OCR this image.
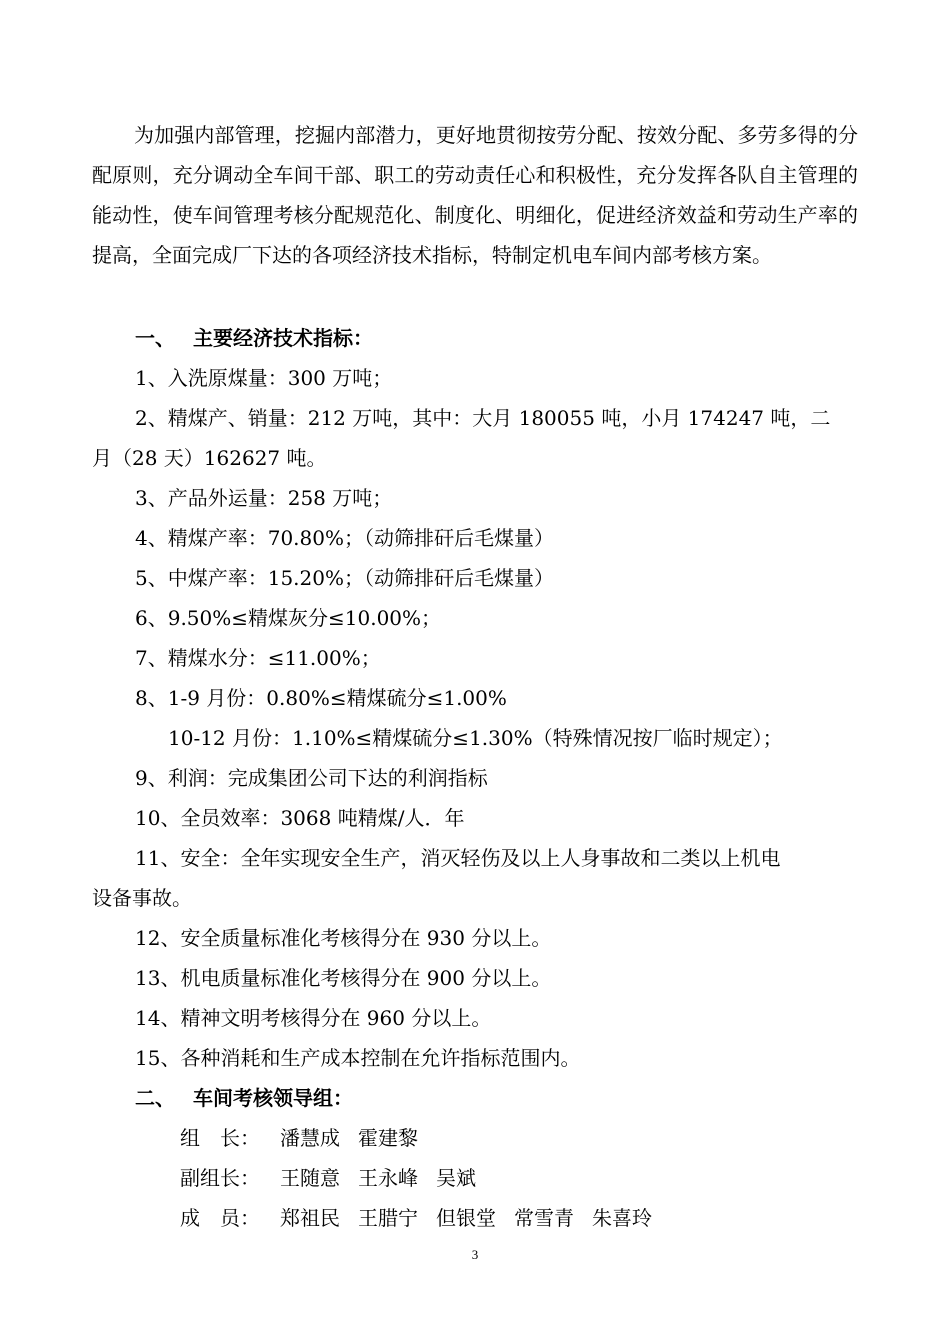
为加强内部管理，挖掘内部潜力，更好地贯彻按劳分配、按效分配、多劳多得的分配原则，充分调动全车间干部、职工的劳动责任心和积极性，充分发挥各队自主管理的能动性，使车间管理考核分配规范化、制度化、明细化，促进经济效益和劳动生产率的提高，全面完成厂下达的各项经济技术指标，特制定机电车间内部考核方案。

一、 主要经济技术指标：
1、入洗原煤量：300 万吨；
2、精煤产、销量：212 万吨，其中：大月 180055 吨，小月 174247 吨，二
月（28 天）162627 吨。
3、产品外运量：258 万吨；
4、精煤产率：70.80%；（动筛排矸后毛煤量）
5、中煤产率：15.20%；（动筛排矸后毛煤量）
6、9.50%≤精煤灰分≤10.00%；
7、精煤水分：≤11.00%；
8、1-9 月份：0.80%≤精煤硫分≤1.00%
10-12 月份：1.10%≤精煤硫分≤1.30%（特殊情况按厂临时规定）；
9、利润：完成集团公司下达的利润指标
10、全员效率：3068 吨精煤/人．年
11、安全：全年实现安全生产，消灭轻伤及以上人身事故和二类以上机电
设备事故。
12、安全质量标准化考核得分在 930 分以上。
13、机电质量标准化考核得分在 900 分以上。
14、精神文明考核得分在 960 分以上。
15、各种消耗和生产成本控制在允许指标范围内。
二、 车间考核领导组：
组　长： 潘慧成 霍建黎
副组长： 王随意 王永峰 吴斌
成　员： 郑祖民 王腊宁 但银堂 常雪青 朱喜玲
3
